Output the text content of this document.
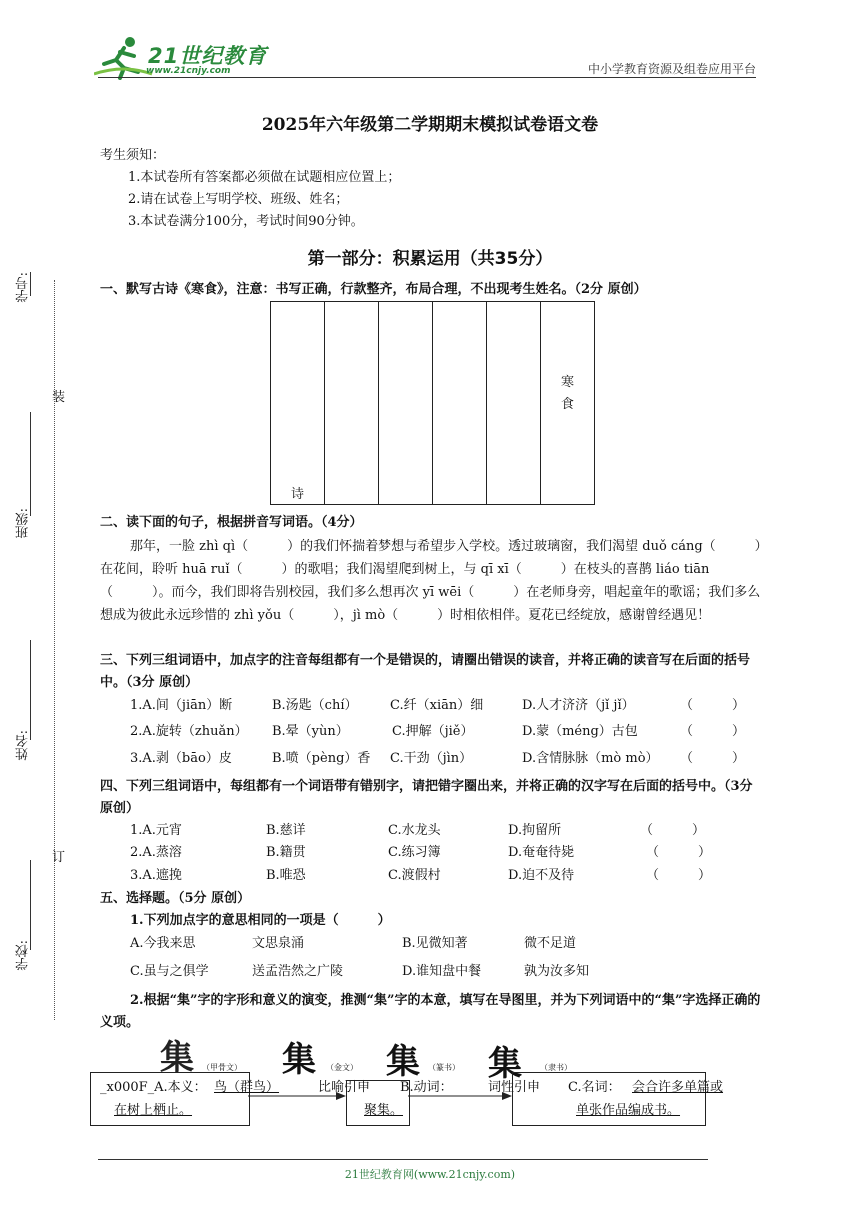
21世纪教育
www.21cnjy.com	中小学教育资源及组卷应用平台
学号:
班级:
姓名:
学校:
装
订
2025年六年级第二学期期末模拟试卷语文卷
考生须知：
1.本试卷所有答案都必须做在试题相应位置上；
2.请在试卷上写明学校、班级、姓名；
3.本试卷满分100分，考试时间90分钟。
第一部分：积累运用（共35分）
一、默写古诗《寒食》，注意：书写正确，行款整齐，布局合理，不出现考生姓名。（2分 原创）
诗

寒
食
二、读下面的句子，根据拼音写词语。（4分）
那年，一脸 zhì qì（　　　）的我们怀揣着梦想与希望步入学校。透过玻璃窗，我们渴望 duǒ cáng（　　　）在花间，聆听 huā ruǐ（　　　）的歌唱；我们渴望爬到树上，与 qī xī（　　　）在枝头的喜鹊 liáo tiān（　　　）。而今，我们即将告别校园，我们多么想再次 yī wēi（　　　）在老师身旁，唱起童年的歌谣；我们多么想成为彼此永远珍惜的 zhì yǒu（　　　），jì mò（　　　）时相依相伴。夏花已经绽放，感谢曾经遇见！
三、下列三组词语中，加点字的注音每组都有一个是错误的，请圈出错误的读音，并将正确的读音写在后面的括号中。（3分 原创）
1.A.间（jiān）断	B.汤匙（chí）	C.纤（xiān）细	D.人才济济（jǐ jǐ）	（　　　）
2.A.旋转（zhuǎn） B.晕（yùn）	C.押解（jiě）	D.蒙（méng）古包	（　　　）
3.A.剥（bāo）皮	B.喷（pèng）香 C.干劲（jìn）	D.含情脉脉（mò mò） （　　　）
四、下列三组词语中，每组都有一个词语带有错别字，请把错字圈出来，并将正确的汉字写在后面的括号中。（3分 原创）
1.A.元宵	B.慈详	C.水龙头	D.拘留所	（　　　）
2.A.蒸溶	B.籍贯	C.练习簿	D.奄奄待毙	（　　　）
3.A.遮挽	B.唯恐	C.渡假村	D.迫不及待	（　　　）
五、选择题。（5分 原创）
1.下列加点字的意思相同的一项是（　　　）
A.今我来思	文思泉涌	B.见微知著	微不足道
C.虽与之俱学	送孟浩然之广陵	D.谁知盘中餐	孰为汝多知
2.根据“集”字的字形和意义的演变，推测“集”字的本意，填写在导图里，并为下列词语中的“集”字选择正确的义项。
集 （甲骨文） 集 （金文） 集 （篆书） 集 （隶书）
_x000F_A.本义： 鸟（群鸟）
在树上栖止。
比喻引申 B.动词：
聚集。
词性引申 C.名词： 会合许多单篇或
单张作品编成书。
21世纪教育网(www.21cnjy.com)
